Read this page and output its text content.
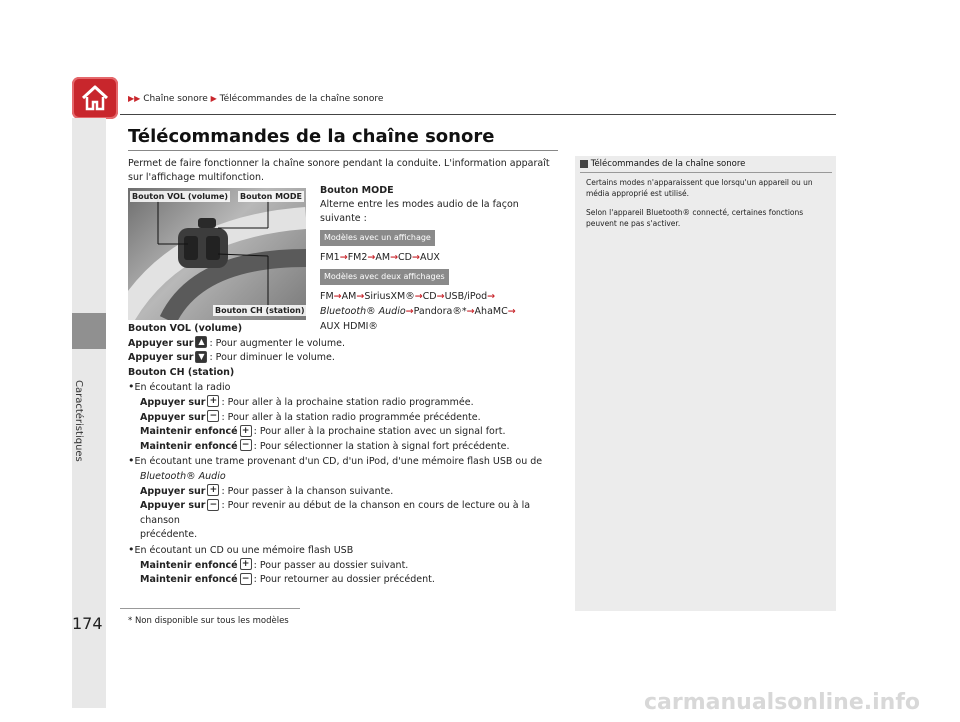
▶▶ Chaîne sonore ▶ Télécommandes de la chaîne sonore
Télécommandes de la chaîne sonore
Permet de faire fonctionner la chaîne sonore pendant la conduite. L'information apparaît sur l'affichage multifonction.
Bouton VOL (volume) Bouton MODE
Bouton CH (station)
Bouton MODE
Alterne entre les modes audio de la façon suivante :
Modèles avec un affichage
FM1→FM2→AM→CD→AUX
Modèles avec deux affichages
FM→AM→SiriusXM®→CD→USB/iPod→
Bluetooth® Audio→Pandora®*→AhaMC→
AUX HDMI®
Bouton VOL (volume)
Appuyer sur ▲ : Pour augmenter le volume.
Appuyer sur ▼ : Pour diminuer le volume.
Bouton CH (station)
•En écoutant la radio
Appuyer sur + : Pour aller à la prochaine station radio programmée.
Appuyer sur − : Pour aller à la station radio programmée précédente.
Maintenir enfoncé + : Pour aller à la prochaine station avec un signal fort.
Maintenir enfoncé − : Pour sélectionner la station à signal fort précédente.
•En écoutant une trame provenant d'un CD, d'un iPod, d'une mémoire flash USB ou de
Bluetooth® Audio
Appuyer sur + : Pour passer à la chanson suivante.
Appuyer sur − : Pour revenir au début de la chanson en cours de lecture ou à la chanson
précédente.
•En écoutant un CD ou une mémoire flash USB
Maintenir enfoncé + : Pour passer au dossier suivant.
Maintenir enfoncé − : Pour retourner au dossier précédent.
Télécommandes de la chaîne sonore

Certains modes n'apparaissent que lorsqu'un appareil ou un média approprié est utilisé.

Selon l'appareil Bluetooth® connecté, certaines fonctions peuvent ne pas s'activer.

174	* Non disponible sur tous les modèles
carmanualsonline.info
